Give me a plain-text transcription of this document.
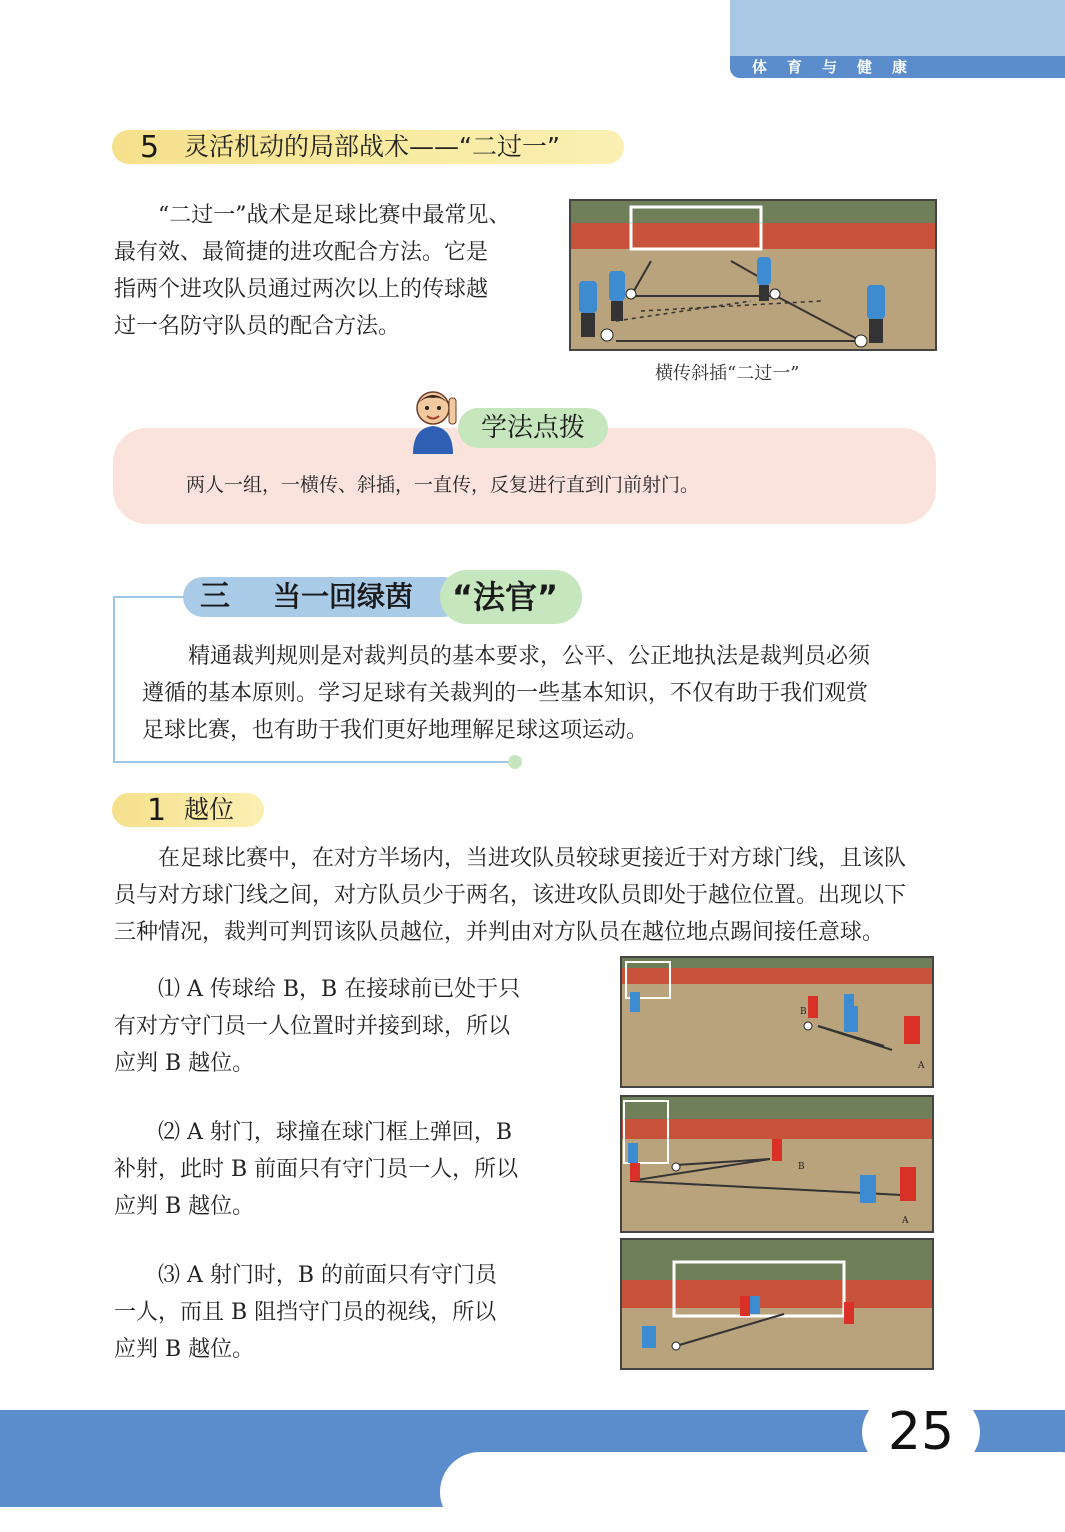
体育与健康
5 灵活机动的局部战术——“二过一”

“二过一”战术是足球比赛中最常见、

最有效、最简捷的进攻配合方法。它是

指两个进攻队员通过两次以上的传球越

过一名防守队员的配合方法。

横传斜插“二过一”
学法点拨
两人一组，一横传、斜插，一直传，反复进行直到门前射门。
三 当一回绿茵 “法官”

精通裁判规则是对裁判员的基本要求，公平、公正地执法是裁判员必须

遵循的基本原则。学习足球有关裁判的一些基本知识，不仅有助于我们观赏

足球比赛，也有助于我们更好地理解足球这项运动。

1 越位

在足球比赛中，在对方半场内，当进攻队员较球更接近于对方球门线，且该队

员与对方球门线之间，对方队员少于两名，该进攻队员即处于越位位置。出现以下

三种情况，裁判可判罚该队员越位，并判由对方队员在越位地点踢间接任意球。

⑴ A 传球给 B，B 在接球前已处于只

有对方守门员一人位置时并接到球，所以

应判 B 越位。

B
A

⑵ A 射门，球撞在球门框上弹回，B

补射，此时 B 前面只有守门员一人，所以

应判 B 越位。

B
A

⑶ A 射门时，B 的前面只有守门员

一人，而且 B 阻挡守门员的视线，所以

应判 B 越位。

25
